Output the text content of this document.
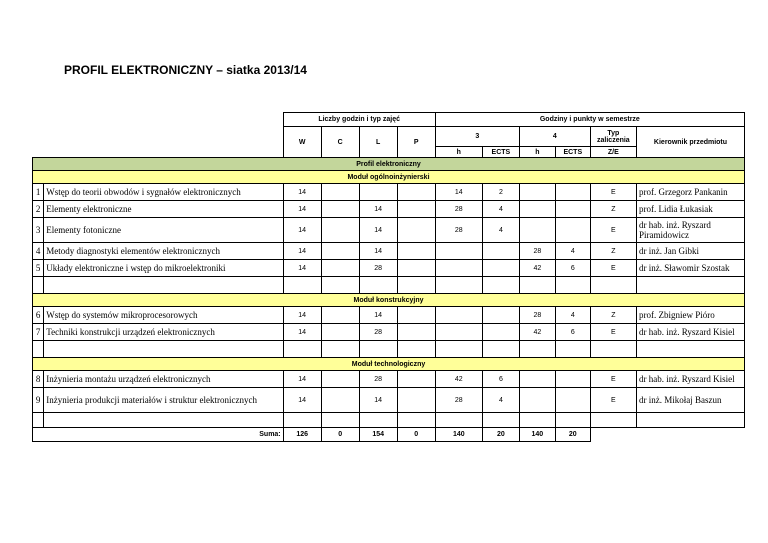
PROFIL ELEKTRONICZNY – siatka 2013/14
		Liczby godzin i typ zajęć				Godziny i punkty w semestrze					
		W	C	L	P	3		4		Typ zaliczenia	Kierownik przedmiotu
						h	ECTS	h	ECTS	Z/E	
Profil elektroniczny											
Moduł ogólnoinżynierski											
1	Wstęp do teorii obwodów i sygnałów elektronicznych	14				14	2			E	prof. Grzegorz Pankanin
2	Elementy elektroniczne	14		14		28	4			Z	prof. Lidia Łukasiak
3	Elementy fotoniczne	14		14		28	4			E	dr hab. inż. Ryszard Piramidowicz
4	Metody diagnostyki elementów elektronicznych	14		14				28	4	Z	dr inż. Jan Gibki
5	Układy elektroniczne i wstęp do mikroelektroniki	14		28				42	6	E	dr inż. Sławomir Szostak

Moduł konstrukcyjny											
6	Wstęp do systemów mikroprocesorowych	14		14				28	4	Z	prof. Zbigniew Pióro
7	Techniki konstrukcji urządzeń elektronicznych	14		28				42	6	E	dr hab. inż. Ryszard Kisiel

Moduł technologiczny											
8	Inżynieria montażu urządzeń elektronicznych	14		28		42	6			E	dr hab. inż. Ryszard Kisiel
9	Inżynieria produkcji materiałów i struktur elektronicznych	14		14		28	4			E	dr inż. Mikołaj Baszun

Suma:		126	0	154	0	140	20	140	20		
